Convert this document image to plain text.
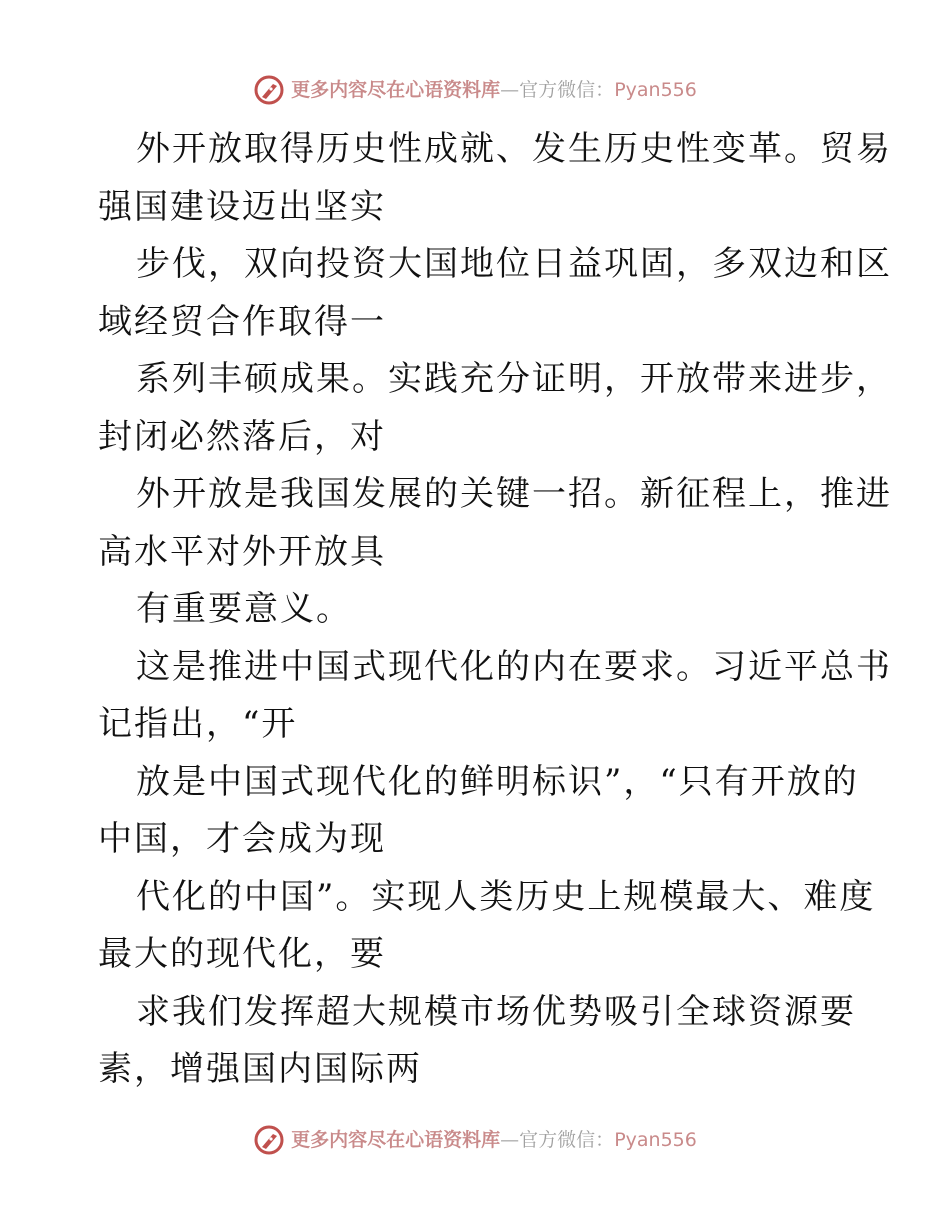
更多内容尽在心语资料库—官方微信：Pyan556
外开放取得历史性成就、发生历史性变革。贸易
强国建设迈出坚实
步伐，双向投资大国地位日益巩固，多双边和区
域经贸合作取得一
系列丰硕成果。实践充分证明，开放带来进步，
封闭必然落后，对
外开放是我国发展的关键一招。新征程上，推进
高水平对外开放具
有重要意义。
这是推进中国式现代化的内在要求。习近平总书
记指出，“开
放是中国式现代化的鲜明标识”，“只有开放的
中国，才会成为现
代化的中国”。实现人类历史上规模最大、难度
最大的现代化，要
求我们发挥超大规模市场优势吸引全球资源要
素，增强国内国际两
更多内容尽在心语资料库—官方微信：Pyan556
